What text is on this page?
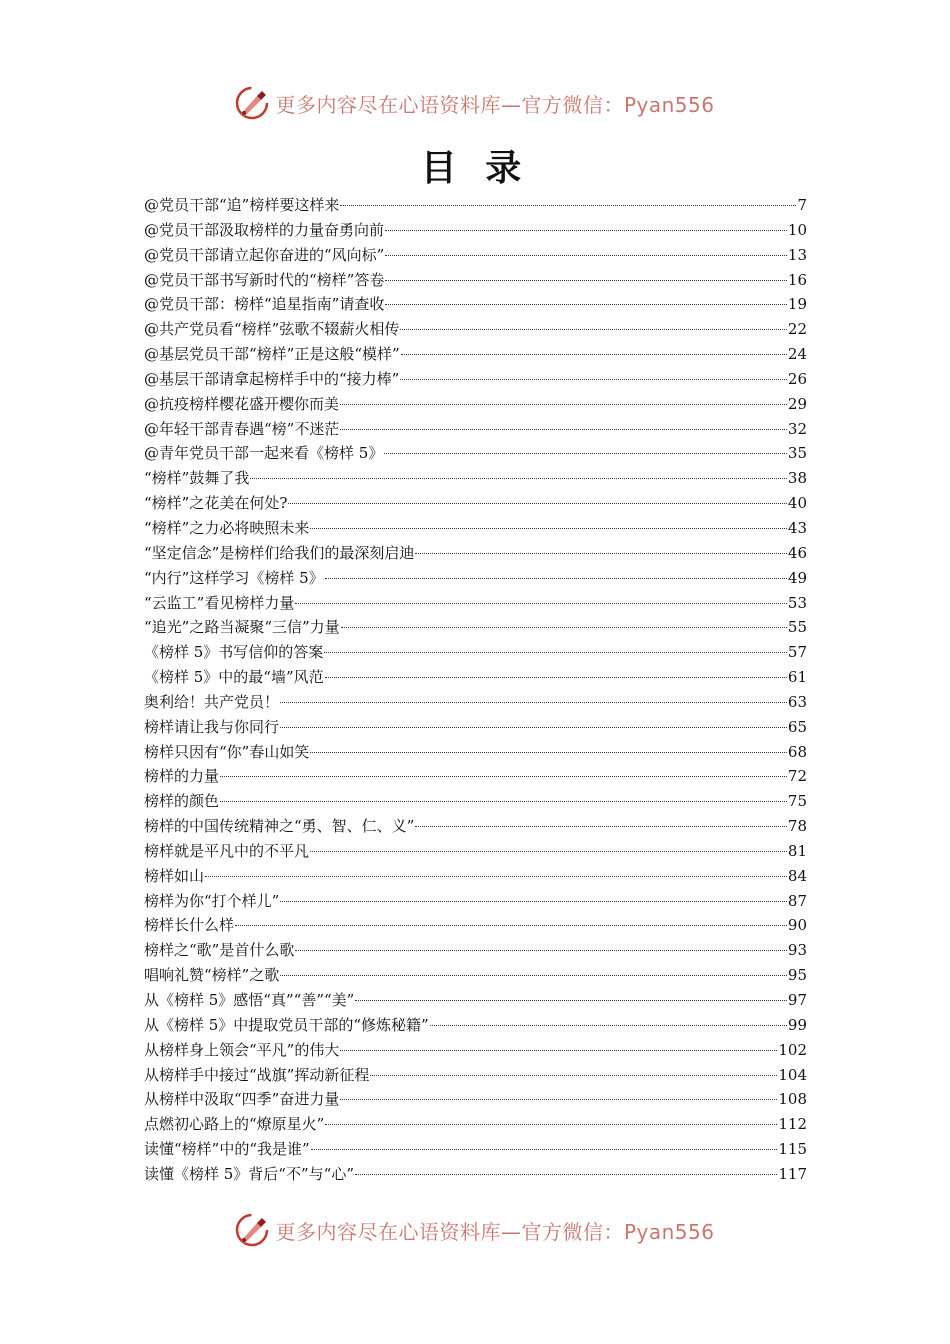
更多内容尽在心语资料库—官方微信：Pyan556
目 录
@党员干部“追”榜样要这样来	7
@党员干部汲取榜样的力量奋勇向前	10
@党员干部请立起你奋进的“风向标”	13
@党员干部书写新时代的“榜样”答卷	16
@党员干部：榜样“追星指南”请查收	19
@共产党员看“榜样”弦歌不辍薪火相传	22
@基层党员干部“榜样”正是这般“模样”	24
@基层干部请拿起榜样手中的“接力棒”	26
@抗疫榜样樱花盛开樱你而美	29
@年轻干部青春遇“榜”不迷茫	32
@青年党员干部一起来看《榜样 5》	35
“榜样”鼓舞了我	38
“榜样”之花美在何处?	40
“榜样”之力必将映照未来	43
“坚定信念”是榜样们给我们的最深刻启迪	46
“内行”这样学习《榜样 5》	49
“云监工”看见榜样力量	53
“追光”之路当凝聚“三信”力量	55
《榜样 5》书写信仰的答案	57
《榜样 5》中的最“墙”风范	61
奥利给！共产党员！	63
榜样请让我与你同行	65
榜样只因有“你”春山如笑	68
榜样的力量	72
榜样的颜色	75
榜样的中国传统精神之“勇、智、仁、义”	78
榜样就是平凡中的不平凡	81
榜样如山	84
榜样为你“打个样儿”	87
榜样长什么样	90
榜样之“歌”是首什么歌	93
唱响礼赞“榜样”之歌	95
从《榜样 5》感悟“真”“善”“美”	97
从《榜样 5》中提取党员干部的“修炼秘籍”	99
从榜样身上领会“平凡”的伟大	102
从榜样手中接过“战旗”挥动新征程	104
从榜样中汲取“四季”奋进力量	108
点燃初心路上的“燎原星火”	112
读懂“榜样”中的“我是谁”	115
读懂《榜样 5》背后“不”与“心”	117
更多内容尽在心语资料库—官方微信：Pyan556
